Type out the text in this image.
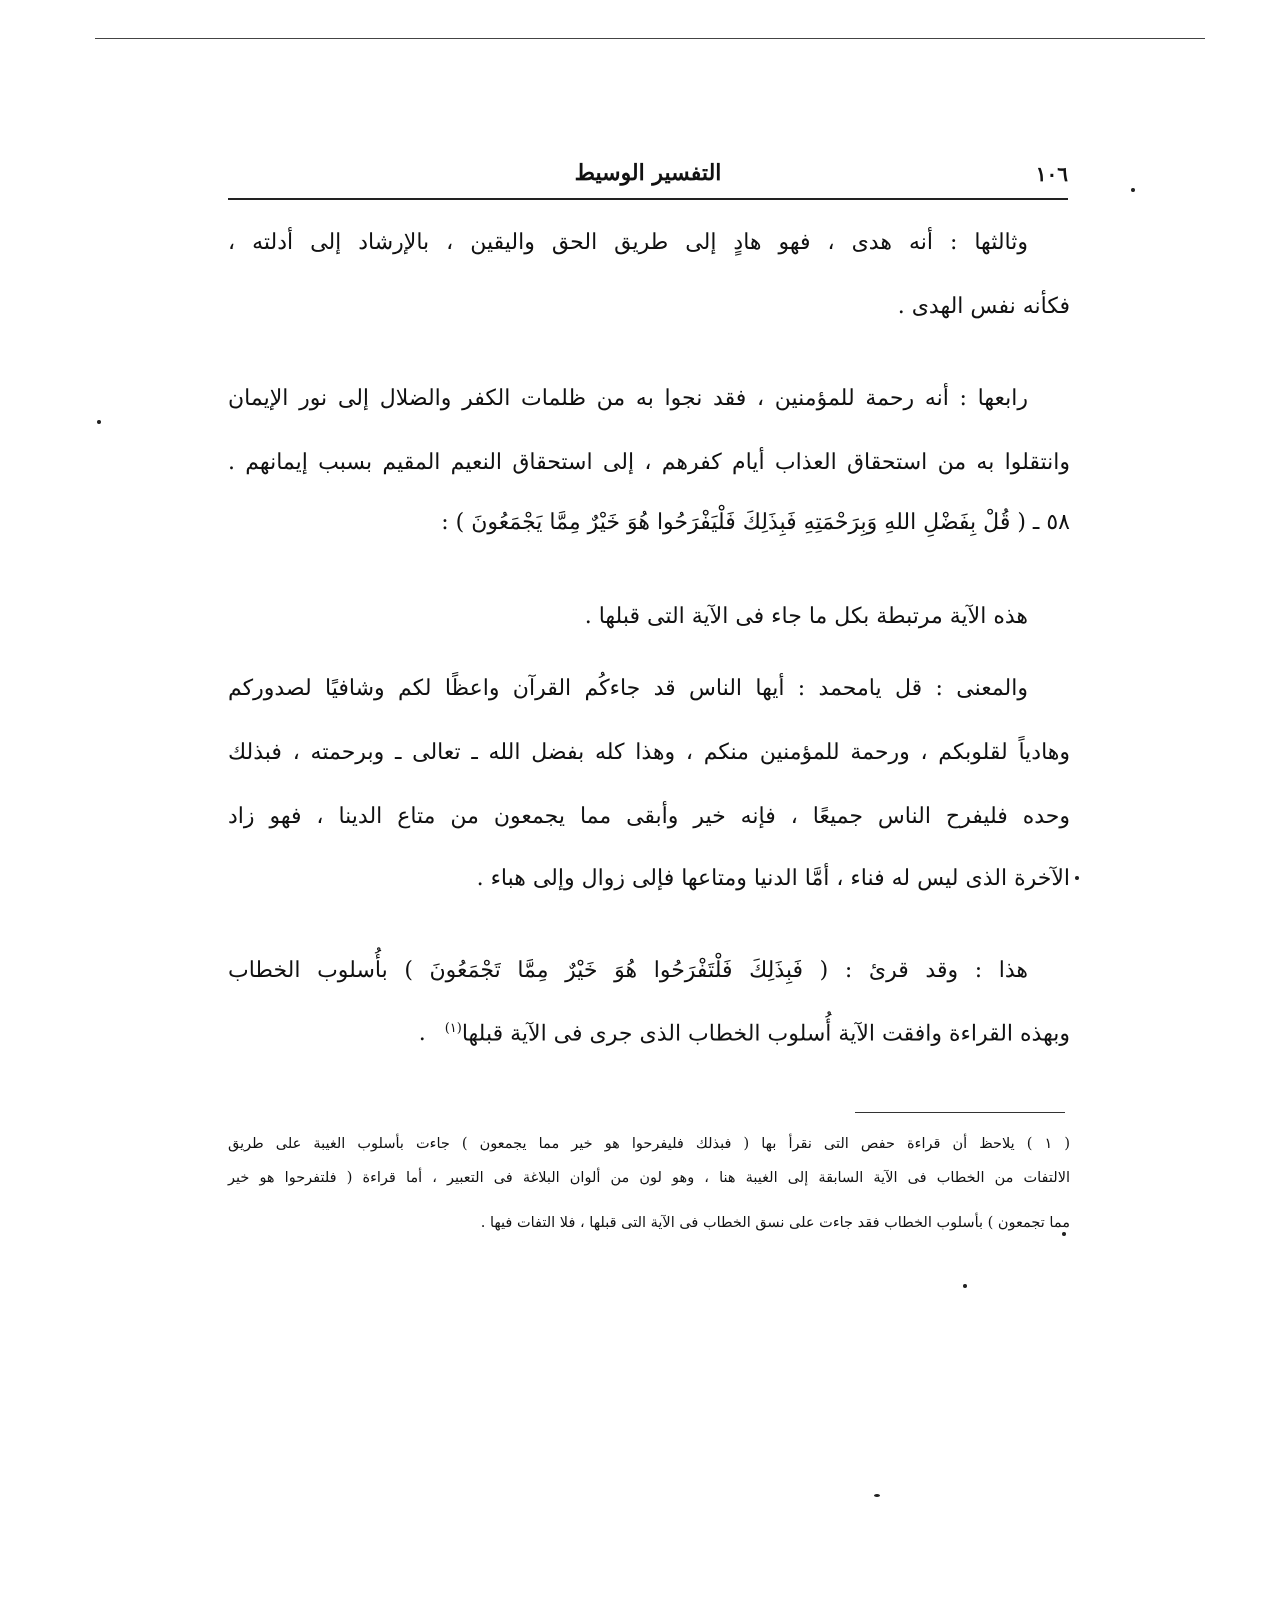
١٠٦
التفسير الوسيط
وثالثها : أنه هدى ، فهو هادٍ إلى طريق الحق واليقين ، بالإرشاد إلى أدلته ،
فكأنه نفس الهدى .
رابعها : أنه رحمة للمؤمنين ، فقد نجوا به من ظلمات الكفر والضلال إلى نور الإيمان
وانتقلوا به من استحقاق العذاب أيام كفرهم ، إلى استحقاق النعيم المقيم بسبب إيمانهم .
٥٨ ـ ( قُلْ بِفَضْلِ اللهِ وَبِرَحْمَتِهِ فَبِذَلِكَ فَلْيَفْرَحُوا هُوَ خَيْرٌ مِمَّا يَجْمَعُونَ ) :
هذه الآية مرتبطة بكل ما جاء فى الآية التى قبلها .
والمعنى : قل يامحمد : أيها الناس قد جاءكُم القرآن واعظًا لكم وشافيًا لصدوركم
وهادياً لقلوبكم ، ورحمة للمؤمنين منكم ، وهذا كله بفضل الله ـ تعالى ـ وبرحمته ، فبذلك
وحده فليفرح الناس جميعًا ، فإنه خير وأبقى مما يجمعون من متاع الدينا ، فهو زاد
الآخرة الذى ليس له فناء ، أمَّا الدنيا ومتاعها فإلى زوال وإلى هباء .
هذا : وقد قرئ : ( فَبِذَلِكَ فَلْتَفْرَحُوا هُوَ خَيْرٌ مِمَّا تَجْمَعُونَ ) بأُسلوب الخطاب
وبهذه القراءة وافقت الآية أُسلوب الخطاب الذى جرى فى الآية قبلها$^{(١)}$ .
( ١ ) يلاحظ أن قراءة حفص التى نقرأ بها ( فبذلك فليفرحوا هو خير مما يجمعون ) جاءت بأسلوب الغيبة على طريق
الالتفات من الخطاب فى الآية السابقة إلى الغيبة هنا ، وهو لون من ألوان البلاغة فى التعبير ، أما قراءة ( فلتفرحوا هو خير
مما تجمعون ) بأسلوب الخطاب فقد جاءت على نسق الخطاب فى الآية التى قبلها ، فلا التفات فيها .
